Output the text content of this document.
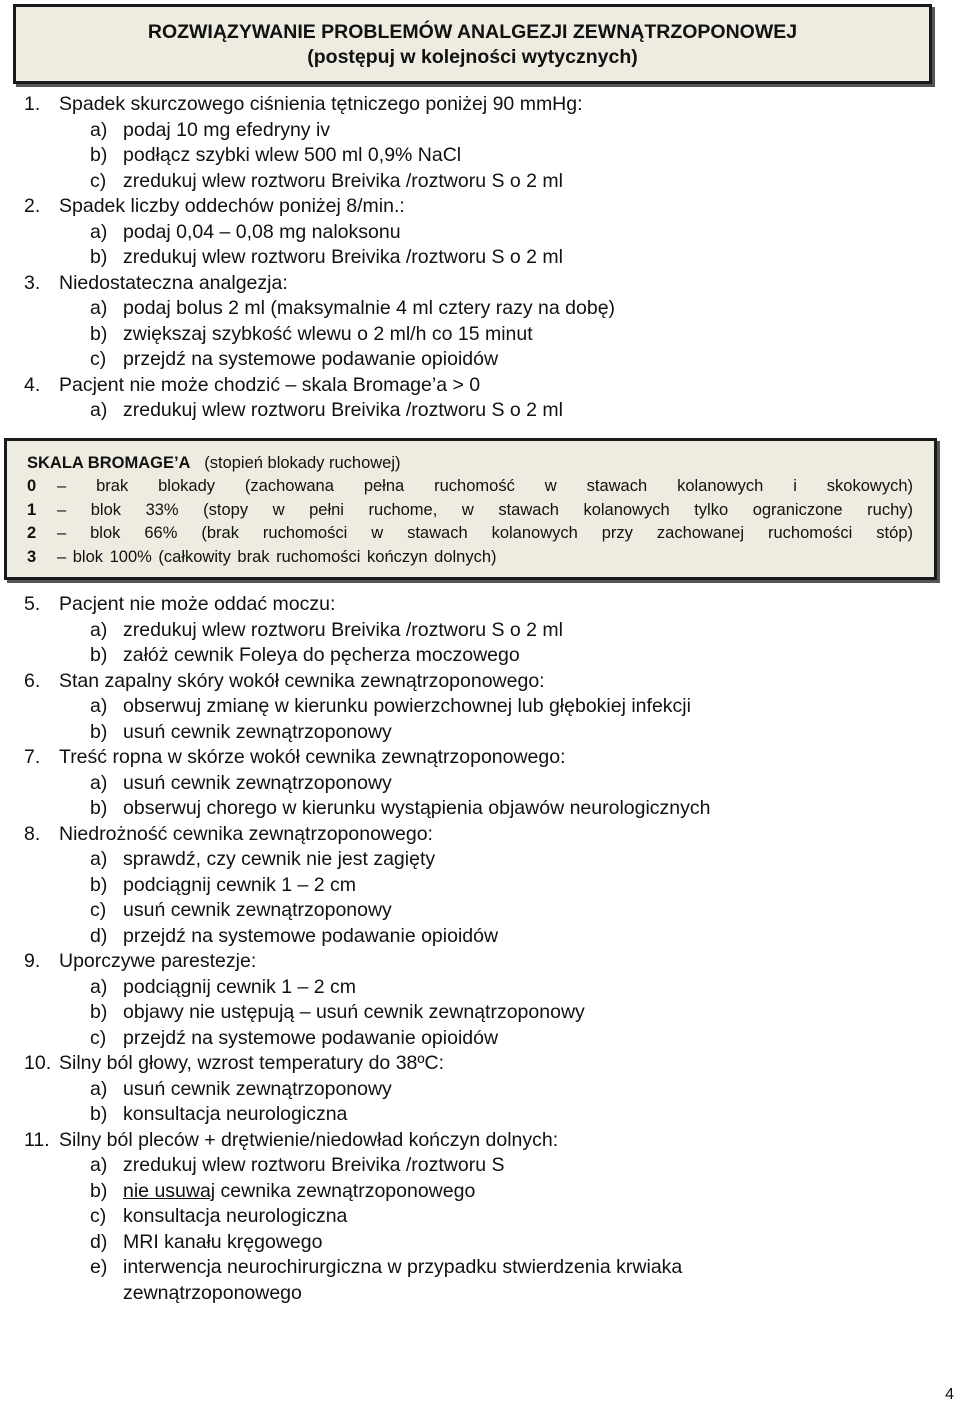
ROZWIĄZYWANIE PROBLEMÓW ANALGEZJI ZEWNĄTRZOPONOWEJ
(postępuj w kolejności wytycznych)
1. Spadek skurczowego ciśnienia tętniczego poniżej 90 mmHg:
a) podaj 10 mg efedryny iv
b) podłącz szybki wlew 500 ml 0,9% NaCl
c) zredukuj wlew roztworu Breivika /roztworu S o 2 ml
2. Spadek liczby oddechów poniżej 8/min.:
a) podaj 0,04 – 0,08 mg naloksonu
b) zredukuj wlew roztworu Breivika /roztworu S o 2 ml
3. Niedostateczna analgezja:
a) podaj bolus 2 ml (maksymalnie 4 ml cztery razy na dobę)
b) zwiększaj szybkość wlewu o 2 ml/h co 15 minut
c) przejdź na systemowe podawanie opioidów
4. Pacjent nie może chodzić – skala Bromage’a > 0
a) zredukuj wlew roztworu Breivika /roztworu S o 2 ml
SKALA BROMAGE’A (stopień blokady ruchowej)
0 – brak blokady (zachowana pełna ruchomość w stawach kolanowych i skokowych)
1 – blok 33% (stopy w pełni ruchome, w stawach kolanowych tylko ograniczone ruchy)
2 – blok 66% (brak ruchomości w stawach kolanowych przy zachowanej ruchomości stóp)
3 – blok 100% (całkowity brak ruchomości kończyn dolnych)
5. Pacjent nie może oddać moczu:
a) zredukuj wlew roztworu Breivika /roztworu S o 2 ml
b) załóż cewnik Foleya do pęcherza moczowego
6. Stan zapalny skóry wokół cewnika zewnątrzoponowego:
a) obserwuj zmianę w kierunku powierzchownej lub głębokiej infekcji
b) usuń cewnik zewnątrzoponowy
7. Treść ropna w skórze wokół cewnika zewnątrzoponowego:
a) usuń cewnik zewnątrzoponowy
b) obserwuj chorego w kierunku wystąpienia objawów neurologicznych
8. Niedrożność cewnika zewnątrzoponowego:
a) sprawdź, czy cewnik nie jest zagięty
b) podciągnij cewnik 1 – 2 cm
c) usuń cewnik zewnątrzoponowy
d) przejdź na systemowe podawanie opioidów
9. Uporczywe parestezje:
a) podciągnij cewnik 1 – 2 cm
b) objawy nie ustępują – usuń cewnik zewnątrzoponowy
c) przejdź na systemowe podawanie opioidów
10. Silny ból głowy, wzrost temperatury do 38ºC:
a) usuń cewnik zewnątrzoponowy
b) konsultacja neurologiczna
11. Silny ból pleców + drętwienie/niedowład kończyn dolnych:
a) zredukuj wlew roztworu Breivika /roztworu S
b) nie usuwaj cewnika zewnątrzoponowego
c) konsultacja neurologiczna
d) MRI kanału kręgowego
e) interwencja neurochirurgiczna w przypadku stwierdzenia krwiaka zewnątrzoponowego
4
